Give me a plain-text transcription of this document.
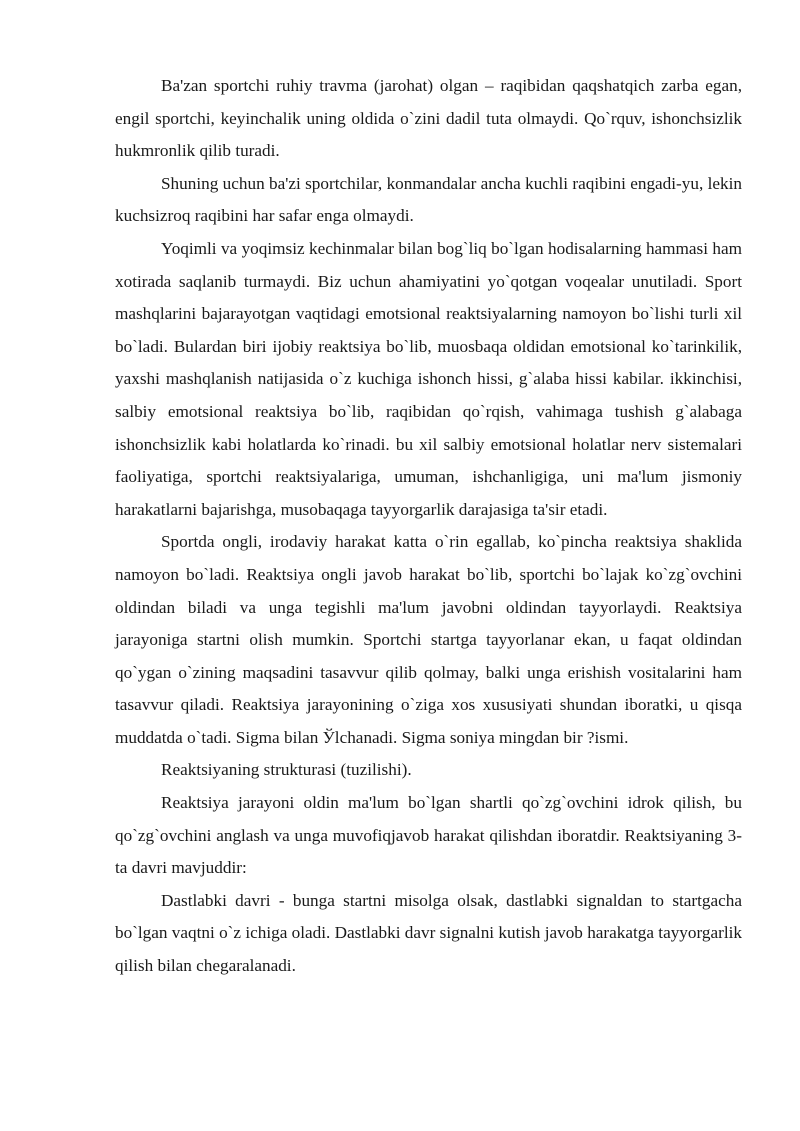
Ba'zan sportchi ruhiy travma (jarohat) olgan – raqibidan qaqshatqich zarba egan, engil sportchi, keyinchalik uning oldida o`zini dadil tuta olmaydi. Qo`rquv, ishonchsizlik hukmronlik qilib turadi.

Shuning uchun ba'zi sportchilar, konmandalar ancha kuchli raqibini engadi-yu, lekin kuchsizroq raqibini har safar enga olmaydi.

Yoqimli va yoqimsiz kechinmalar bilan bog`liq bo`lgan hodisalarning hammasi ham xotirada saqlanib turmaydi. Biz uchun ahamiyatini yo`qotgan voqealar unutiladi. Sport mashqlarini bajarayotgan vaqtidagi emotsional reaktsiyalarning namoyon bo`lishi turli xil bo`ladi. Bulardan biri ijobiy reaktsiya bo`lib, muosbaqa oldidan emotsional ko`tarinkilik, yaxshi mashqlanish natijasida o`z kuchiga ishonch hissi, g`alaba hissi kabilar. ikkinchisi, salbiy emotsional reaktsiya bo`lib, raqibidan qo`rqish, vahimaga tushish g`alabaga ishonchsizlik kabi holatlarda ko`rinadi. bu xil salbiy emotsional holatlar nerv sistemalari faoliyatiga, sportchi reaktsiyalariga, umuman, ishchanligiga, uni ma'lum jismoniy harakatlarni bajarishga, musobaqaga tayyorgarlik darajasiga ta'sir etadi.

Sportda ongli, irodaviy harakat katta o`rin egallab, ko`pincha reaktsiya shaklida namoyon bo`ladi. Reaktsiya ongli javob harakat bo`lib, sportchi bo`lajak ko`zg`ovchini oldindan biladi va unga tegishli ma'lum javobni oldindan tayyorlaydi. Reaktsiya jarayoniga startni olish mumkin. Sportchi startga tayyorlanar ekan, u faqat oldindan qo`ygan o`zining maqsadini tasavvur qilib qolmay, balki unga erishish vositalarini ham tasavvur qiladi. Reaktsiya jarayonining o`ziga xos xususiyati shundan iboratki, u qisqa muddatda o`tadi. Sigma bilan Ўlchanadi. Sigma soniya mingdan bir ?ismi.

Reaktsiyaning strukturasi (tuzilishi).

Reaktsiya jarayoni oldin ma'lum bo`lgan shartli qo`zg`ovchini idrok qilish, bu qo`zg`ovchini anglash va unga muvofiqjavob harakat qilishdan iboratdir. Reaktsiyaning 3-ta davri mavjuddir:

Dastlabki davri - bunga startni misolga olsak, dastlabki signaldan to startgacha bo`lgan vaqtni o`z ichiga oladi. Dastlabki davr signalni kutish javob harakatga tayyorgarlik qilish bilan chegaralanadi.
